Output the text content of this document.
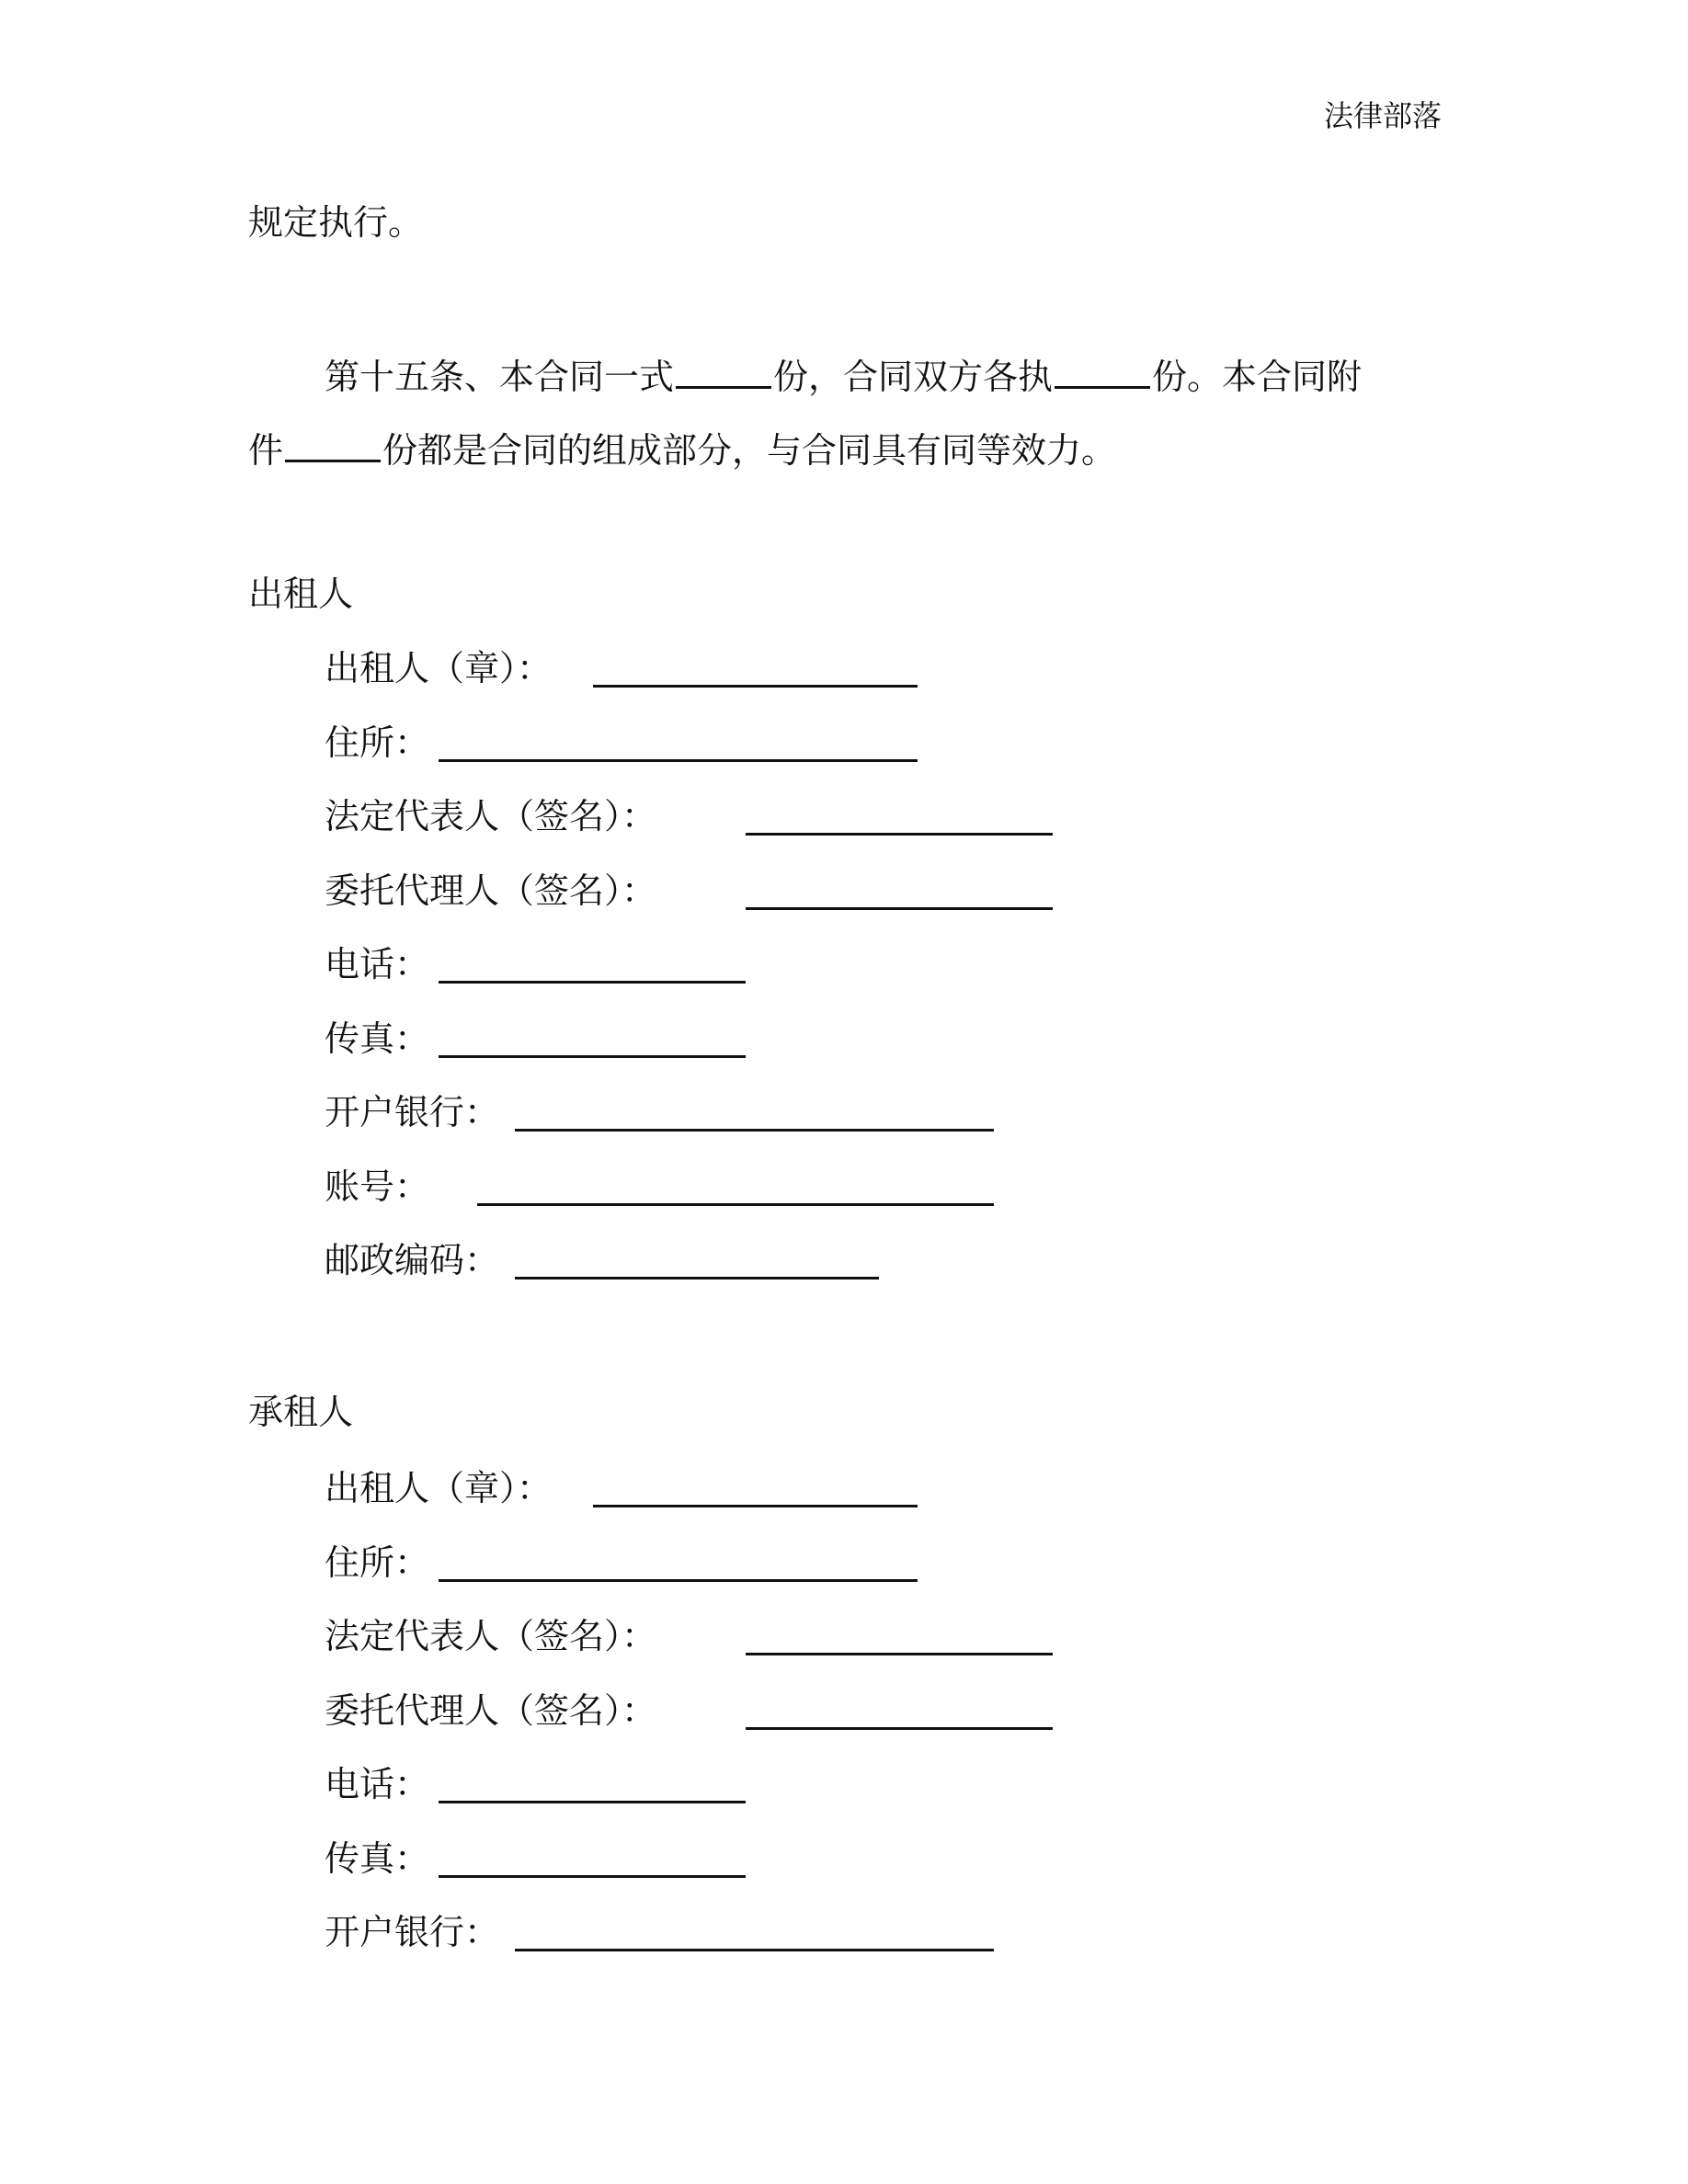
法律部落
规定执行。
第十五条、本合同一式	份，合同双方各执	份。本合同附
件	份都是合同的组成部分，与合同具有同等效力。
出租人
出租人（章）：
住所：
法定代表人（签名）：
委托代理人（签名）：
电话：
传真：
开户银行：
账号：
邮政编码：
承租人
出租人（章）：
住所：
法定代表人（签名）：
委托代理人（签名）：
电话：
传真：
开户银行：
